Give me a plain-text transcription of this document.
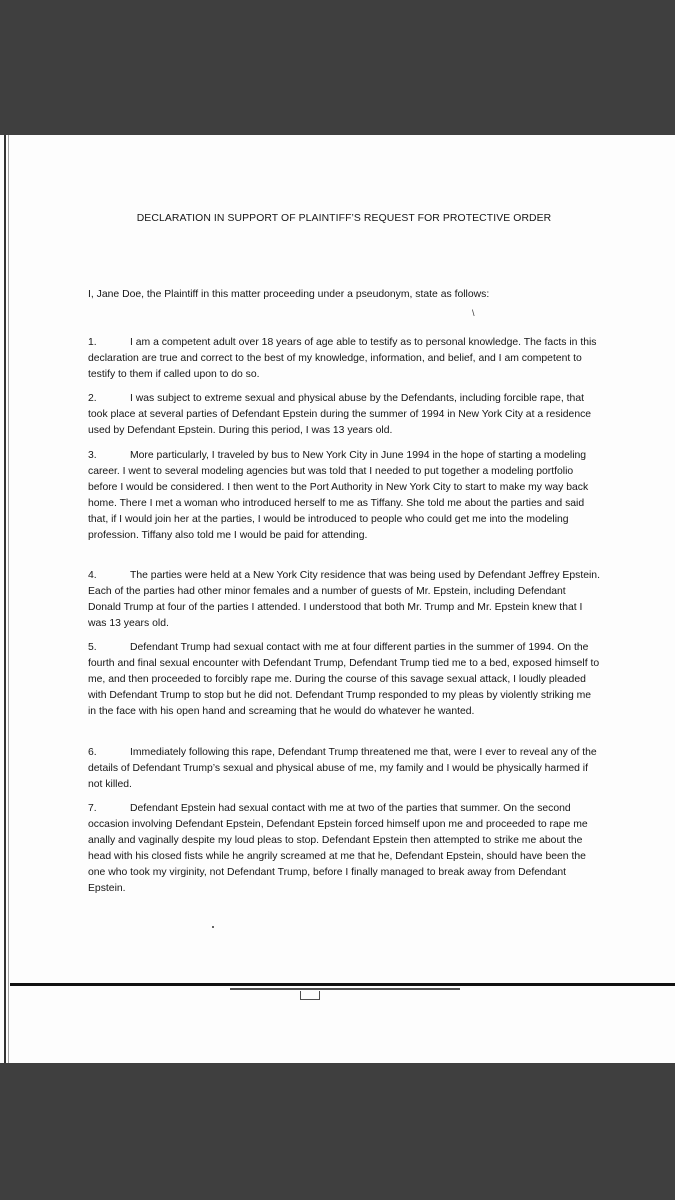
DECLARATION IN SUPPORT OF PLAINTIFF’S REQUEST FOR PROTECTIVE ORDER
I, Jane Doe, the Plaintiff in this matter proceeding under a pseudonym, state as follows:
\

1.	I am a competent adult over 18 years of age able to testify as to personal knowledge. The facts in this declaration are true and correct to the best of my knowledge, information, and belief, and I am competent to testify to them if called upon to do so.

2.	I was subject to extreme sexual and physical abuse by the Defendants, including forcible rape, that took place at several parties of Defendant Epstein during the summer of 1994 in New York City at a residence used by Defendant Epstein. During this period, I was 13 years old.

3.	More particularly, I traveled by bus to New York City in June 1994 in the hope of starting a modeling career. I went to several modeling agencies but was told that I needed to put together a modeling portfolio before I would be considered. I then went to the Port Authority in New York City to start to make my way back home. There I met a woman who introduced herself to me as Tiffany. She told me about the parties and said that, if I would join her at the parties, I would be introduced to people who could get me into the modeling profession. Tiffany also told me I would be paid for attending.

4.	The parties were held at a New York City residence that was being used by Defendant Jeffrey Epstein. Each of the parties had other minor females and a number of guests of Mr. Epstein, including Defendant Donald Trump at four of the parties I attended. I understood that both Mr. Trump and Mr. Epstein knew that I was 13 years old.

5.	Defendant Trump had sexual contact with me at four different parties in the summer of 1994. On the fourth and final sexual encounter with Defendant Trump, Defendant Trump tied me to a bed, exposed himself to me, and then proceeded to forcibly rape me. During the course of this savage sexual attack, I loudly pleaded with Defendant Trump to stop but he did not. Defendant Trump responded to my pleas by violently striking me in the face with his open hand and screaming that he would do whatever he wanted.

6.	Immediately following this rape, Defendant Trump threatened me that, were I ever to reveal any of the details of Defendant Trump’s sexual and physical abuse of me, my family and I would be physically harmed if not killed.

7.	Defendant Epstein had sexual contact with me at two of the parties that summer. On the second occasion involving Defendant Epstein, Defendant Epstein forced himself upon me and proceeded to rape me anally and vaginally despite my loud pleas to stop. Defendant Epstein then attempted to strike me about the head with his closed fists while he angrily screamed at me that he, Defendant Epstein, should have been the one who took my virginity, not Defendant Trump, before I finally managed to break away from Defendant Epstein.
